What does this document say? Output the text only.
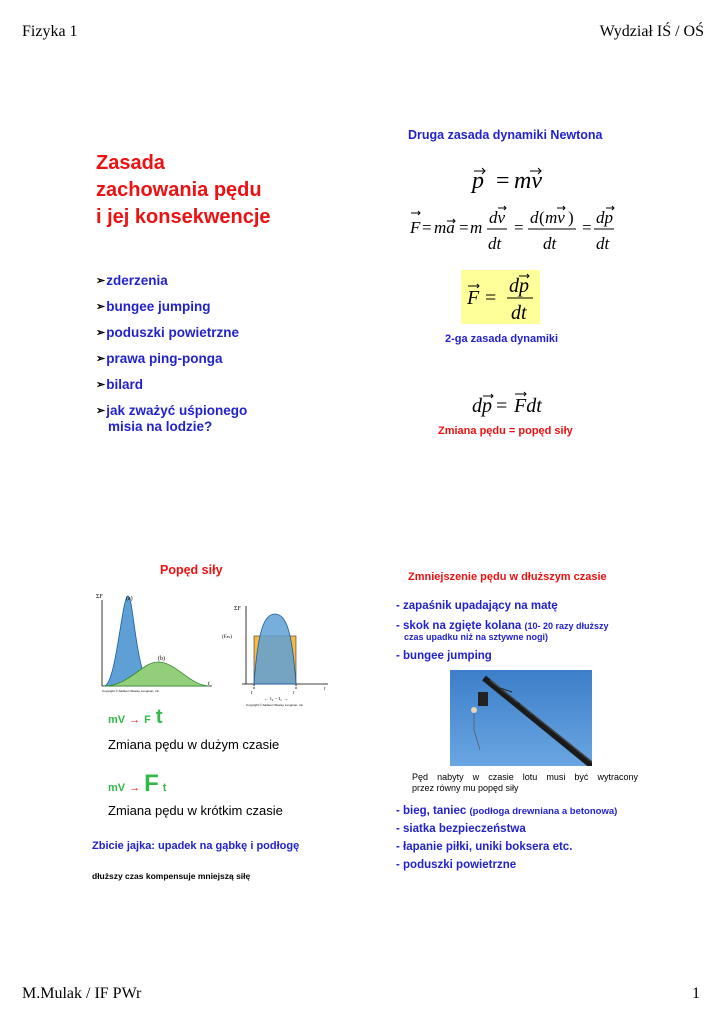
Fizyka 1	Wydział IŚ / OŚ
Zasada
zachowania pędu
i jej konsekwencje
➢ zderzenia
➢ bungee jumping
➢ poduszki powietrzne
➢ prawa ping-ponga
➢ bilard
➢ jak zważyć uśpionego
misia na lodzie?
Druga zasada dynamiki Newtona
p = mv
F = ma = m
dv
dt
=
d ( mv )
dt
=
dp
dt
F =
dp
dt
2-ga zasada dynamiki
dp = Fdt
Zmiana pędu = popęd siły
Popęd siły
ΣF	(a)
(b)
t
Copyright © Addison Wesley Longman, Inc.
ΣF
(Fav)
t	t
← t₂ − t₁ →
t
Copyright © Addison Wesley Longman, Inc.
mV → F t
Zmiana pędu w dużym czasie
mV → F t
Zmiana pędu w krótkim czasie
Zbicie jajka: upadek na gąbkę i podłogę
dłuższy czas kompensuje mniejszą siłę
Zmniejszenie pędu w dłuższym czasie
- zapaśnik upadający na matę
- skok na zgięte kolana (10- 20 razy dłuższy
czas upadku niż na sztywne nogi)
- bungee jumping
Pęd nabyty w czasie lotu musi być wytracony
przez równy mu popęd siły
- bieg, taniec (podłoga drewniana a betonowa)
- siatka bezpieczeństwa
- łapanie piłki, uniki boksera etc.
- poduszki powietrzne
M.Mulak / IF PWr	1
